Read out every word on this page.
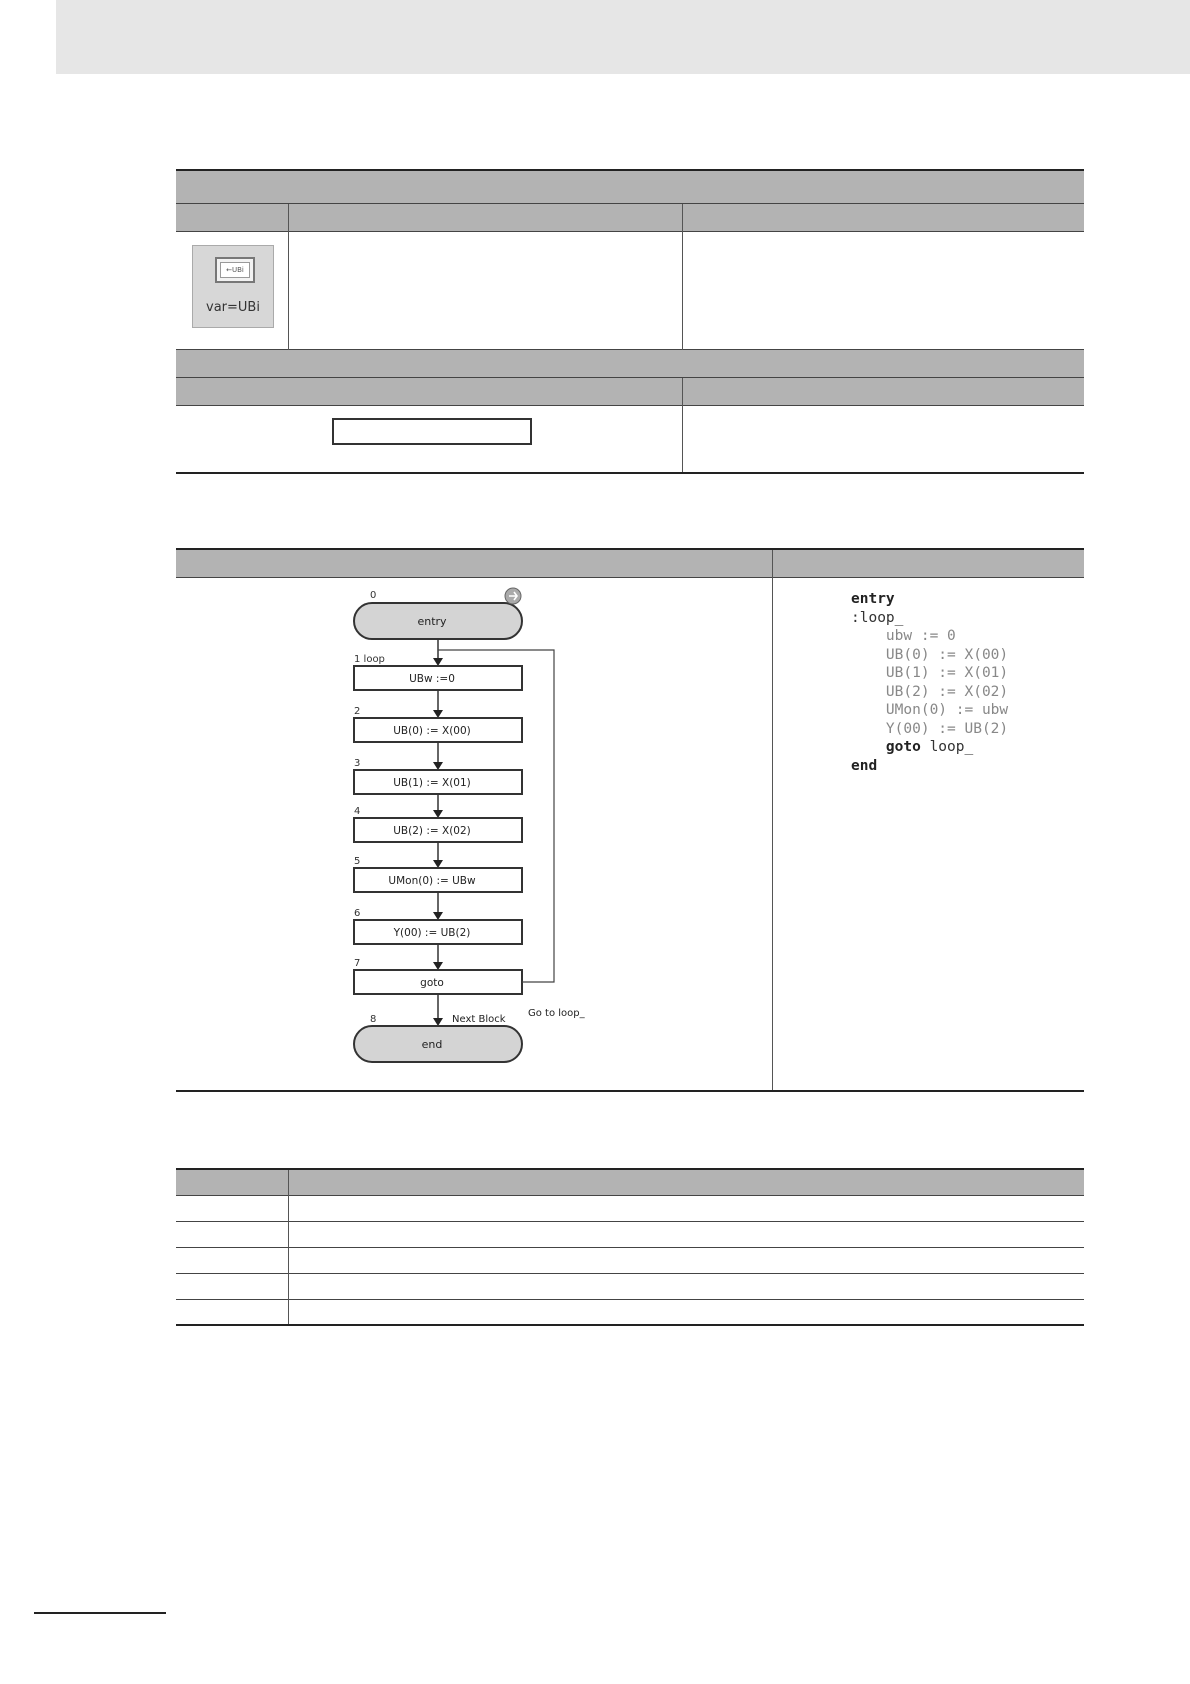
←UBi
var=UBi		

0
entry
1 loop
UBw :=0
2
UB(0) := X(00)
3
UB(1) := X(01)
4
UB(2) := X(02)
5
UMon(0) := UBw
6
Y(00) := UB(2)
7
goto
Go to loop_
Next Block
8
end
entry
:loop_
ubw := 0
UB(0) := X(00)
UB(1) := X(01)
UB(2) := X(02)
UMon(0) := ubw
Y(00) := UB(2)
goto loop_
end
